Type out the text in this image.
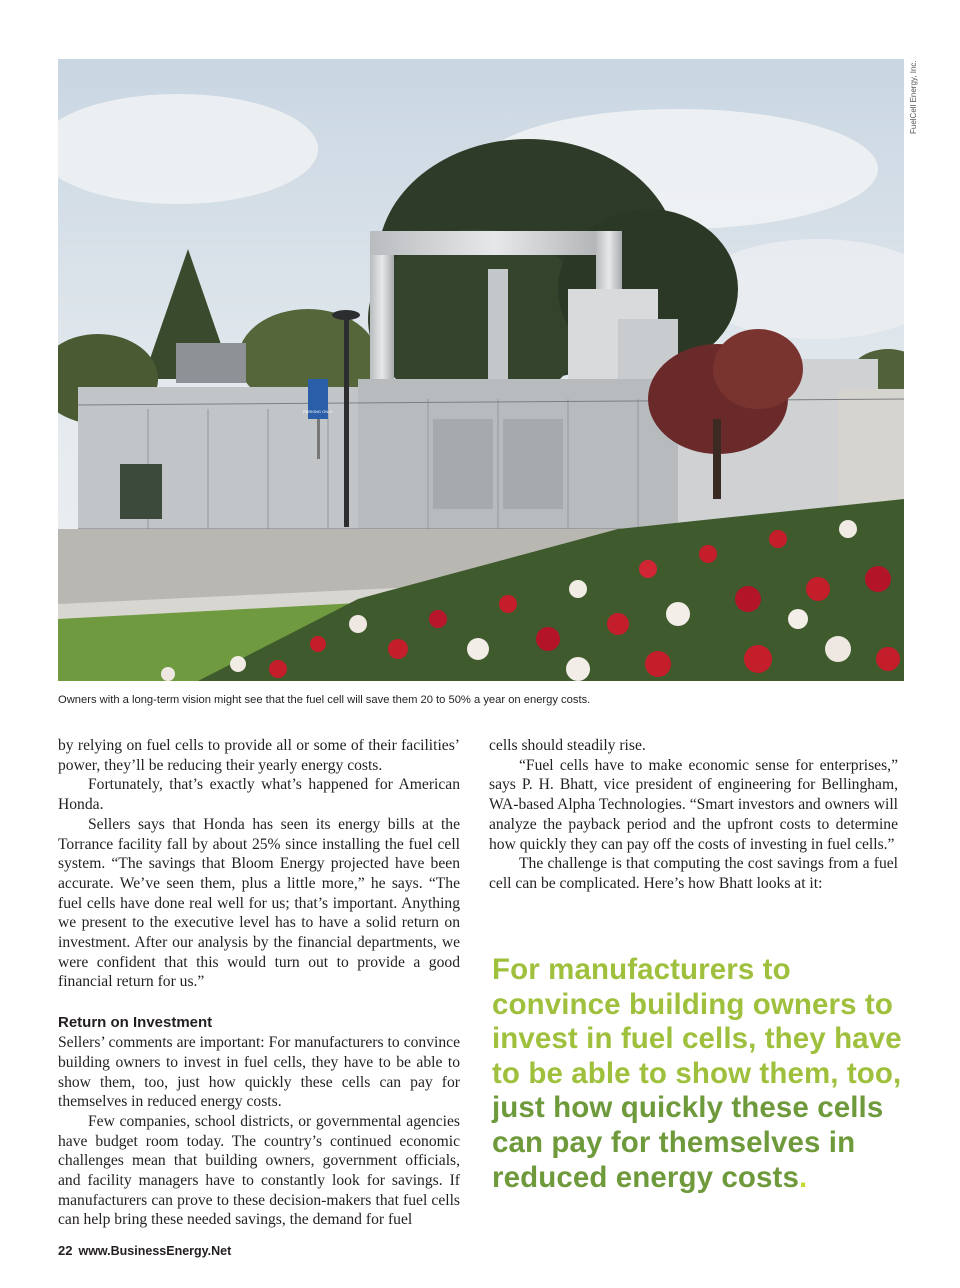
PARKING ONLY
FuelCell Energy, Inc.
Owners with a long-term vision might see that the fuel cell will save them 20 to 50% a year on energy costs.

by relying on fuel cells to provide all or some of their facilities’ power, they’ll be reducing their yearly energy costs.

Fortunately, that’s exactly what’s happened for American Honda.

Sellers says that Honda has seen its energy bills at the Torrance facility fall by about 25% since installing the fuel cell system. “The savings that Bloom Energy projected have been accurate. We’ve seen them, plus a little more,” he says. “The fuel cells have done real well for us; that’s important. Anything we present to the executive level has to have a solid return on investment. After our analysis by the financial departments, we were confident that this would turn out to provide a good financial return for us.”

Return on Investment

Sellers’ comments are important: For manufacturers to convince building owners to invest in fuel cells, they have to be able to show them, too, just how quickly these cells can pay for themselves in reduced energy costs.

Few companies, school districts, or governmental agencies have budget room today. The country’s continued economic challenges mean that building owners, government officials, and facility managers have to constantly look for savings. If manufacturers can prove to these decision-makers that fuel cells can help bring these needed savings, the demand for fuel

cells should steadily rise.

“Fuel cells have to make economic sense for enterprises,” says P. H. Bhatt, vice president of engineering for Bellingham, WA-based Alpha Technologies. “Smart investors and owners will analyze the payback period and the upfront costs to determine how quickly they can pay off the costs of investing in fuel cells.”

The challenge is that computing the cost savings from a fuel cell can be complicated. Here’s how Bhatt looks at it:

For manufacturers to convince building owners to invest in fuel cells, they have to be able to show them, too, just how quickly these cells can pay for themselves in reduced energy costs.
22 www.BusinessEnergy.Net
